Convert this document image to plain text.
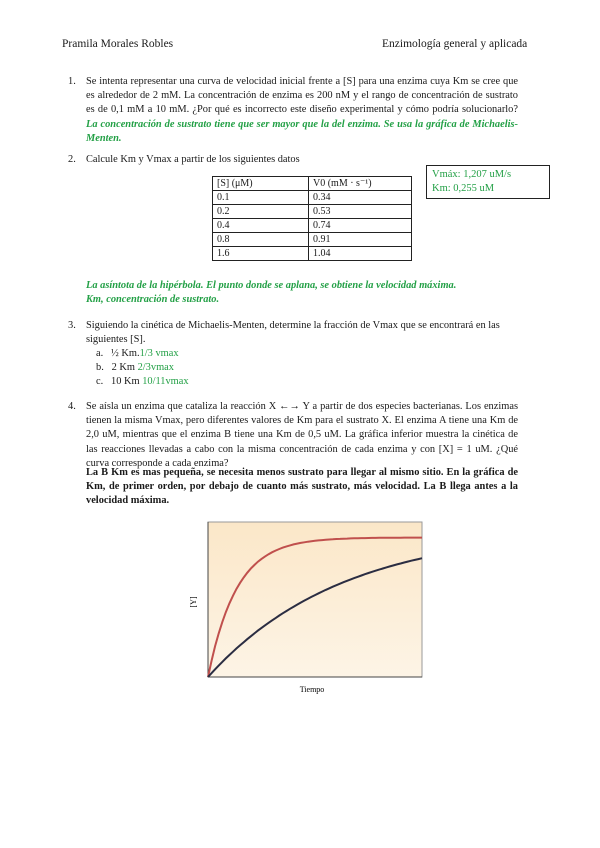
Pramila Morales Robles	Enzimología general y aplicada
1. Se intenta representar una curva de velocidad inicial frente a [S] para una enzima cuya Km se cree que es alrededor de 2 mM. La concentración de enzima es 200 nM y el rango de concentración de sustrato es de 0,1 mM a 10 mM. ¿Por qué es incorrecto este diseño experimental y cómo podría solucionarlo? La concentración de sustrato tiene que ser mayor que la del enzima. Se usa la gráfica de Michaelis-Menten.
2. Calcule Km y Vmax a partir de los siguientes datos
[S] (μM)	V0 (mM · s⁻¹)
0.1	0.34
0.2	0.53
0.4	0.74
0.8	0.91
1.6	1.04
Vmáx: 1,207 uM/s
Km: 0,255 uM
La asíntota de la hipérbola. El punto donde se aplana, se obtiene la velocidad máxima.
Km, concentración de sustrato.
3. Siguiendo la cinética de Michaelis-Menten, determine la fracción de Vmax que se encontrará en las siguientes [S].
a. ½ Km.1/3 vmax
b. 2 Km 2/3vmax
c. 10 Km 10/11vmax
4. Se aísla un enzima que cataliza la reacción X ←→ Y a partir de dos especies bacterianas. Los enzimas tienen la misma Vmax, pero diferentes valores de Km para el sustrato X. El enzima A tiene una Km de 2,0 uM, mientras que el enzima B tiene una Km de 0,5 uM. La gráfica inferior muestra la cinética de las reacciones llevadas a cabo con la misma concentración de cada enzima y con [X] = 1 uM. ¿Qué curva corresponde a cada enzima?
La B Km es mas pequeña, se necesita menos sustrato para llegar al mismo sitio. En la gráfica de Km, de primer orden, por debajo de cuanto más sustrato, más velocidad. La B llega antes a la velocidad máxima.
[Y]
Tiempo
